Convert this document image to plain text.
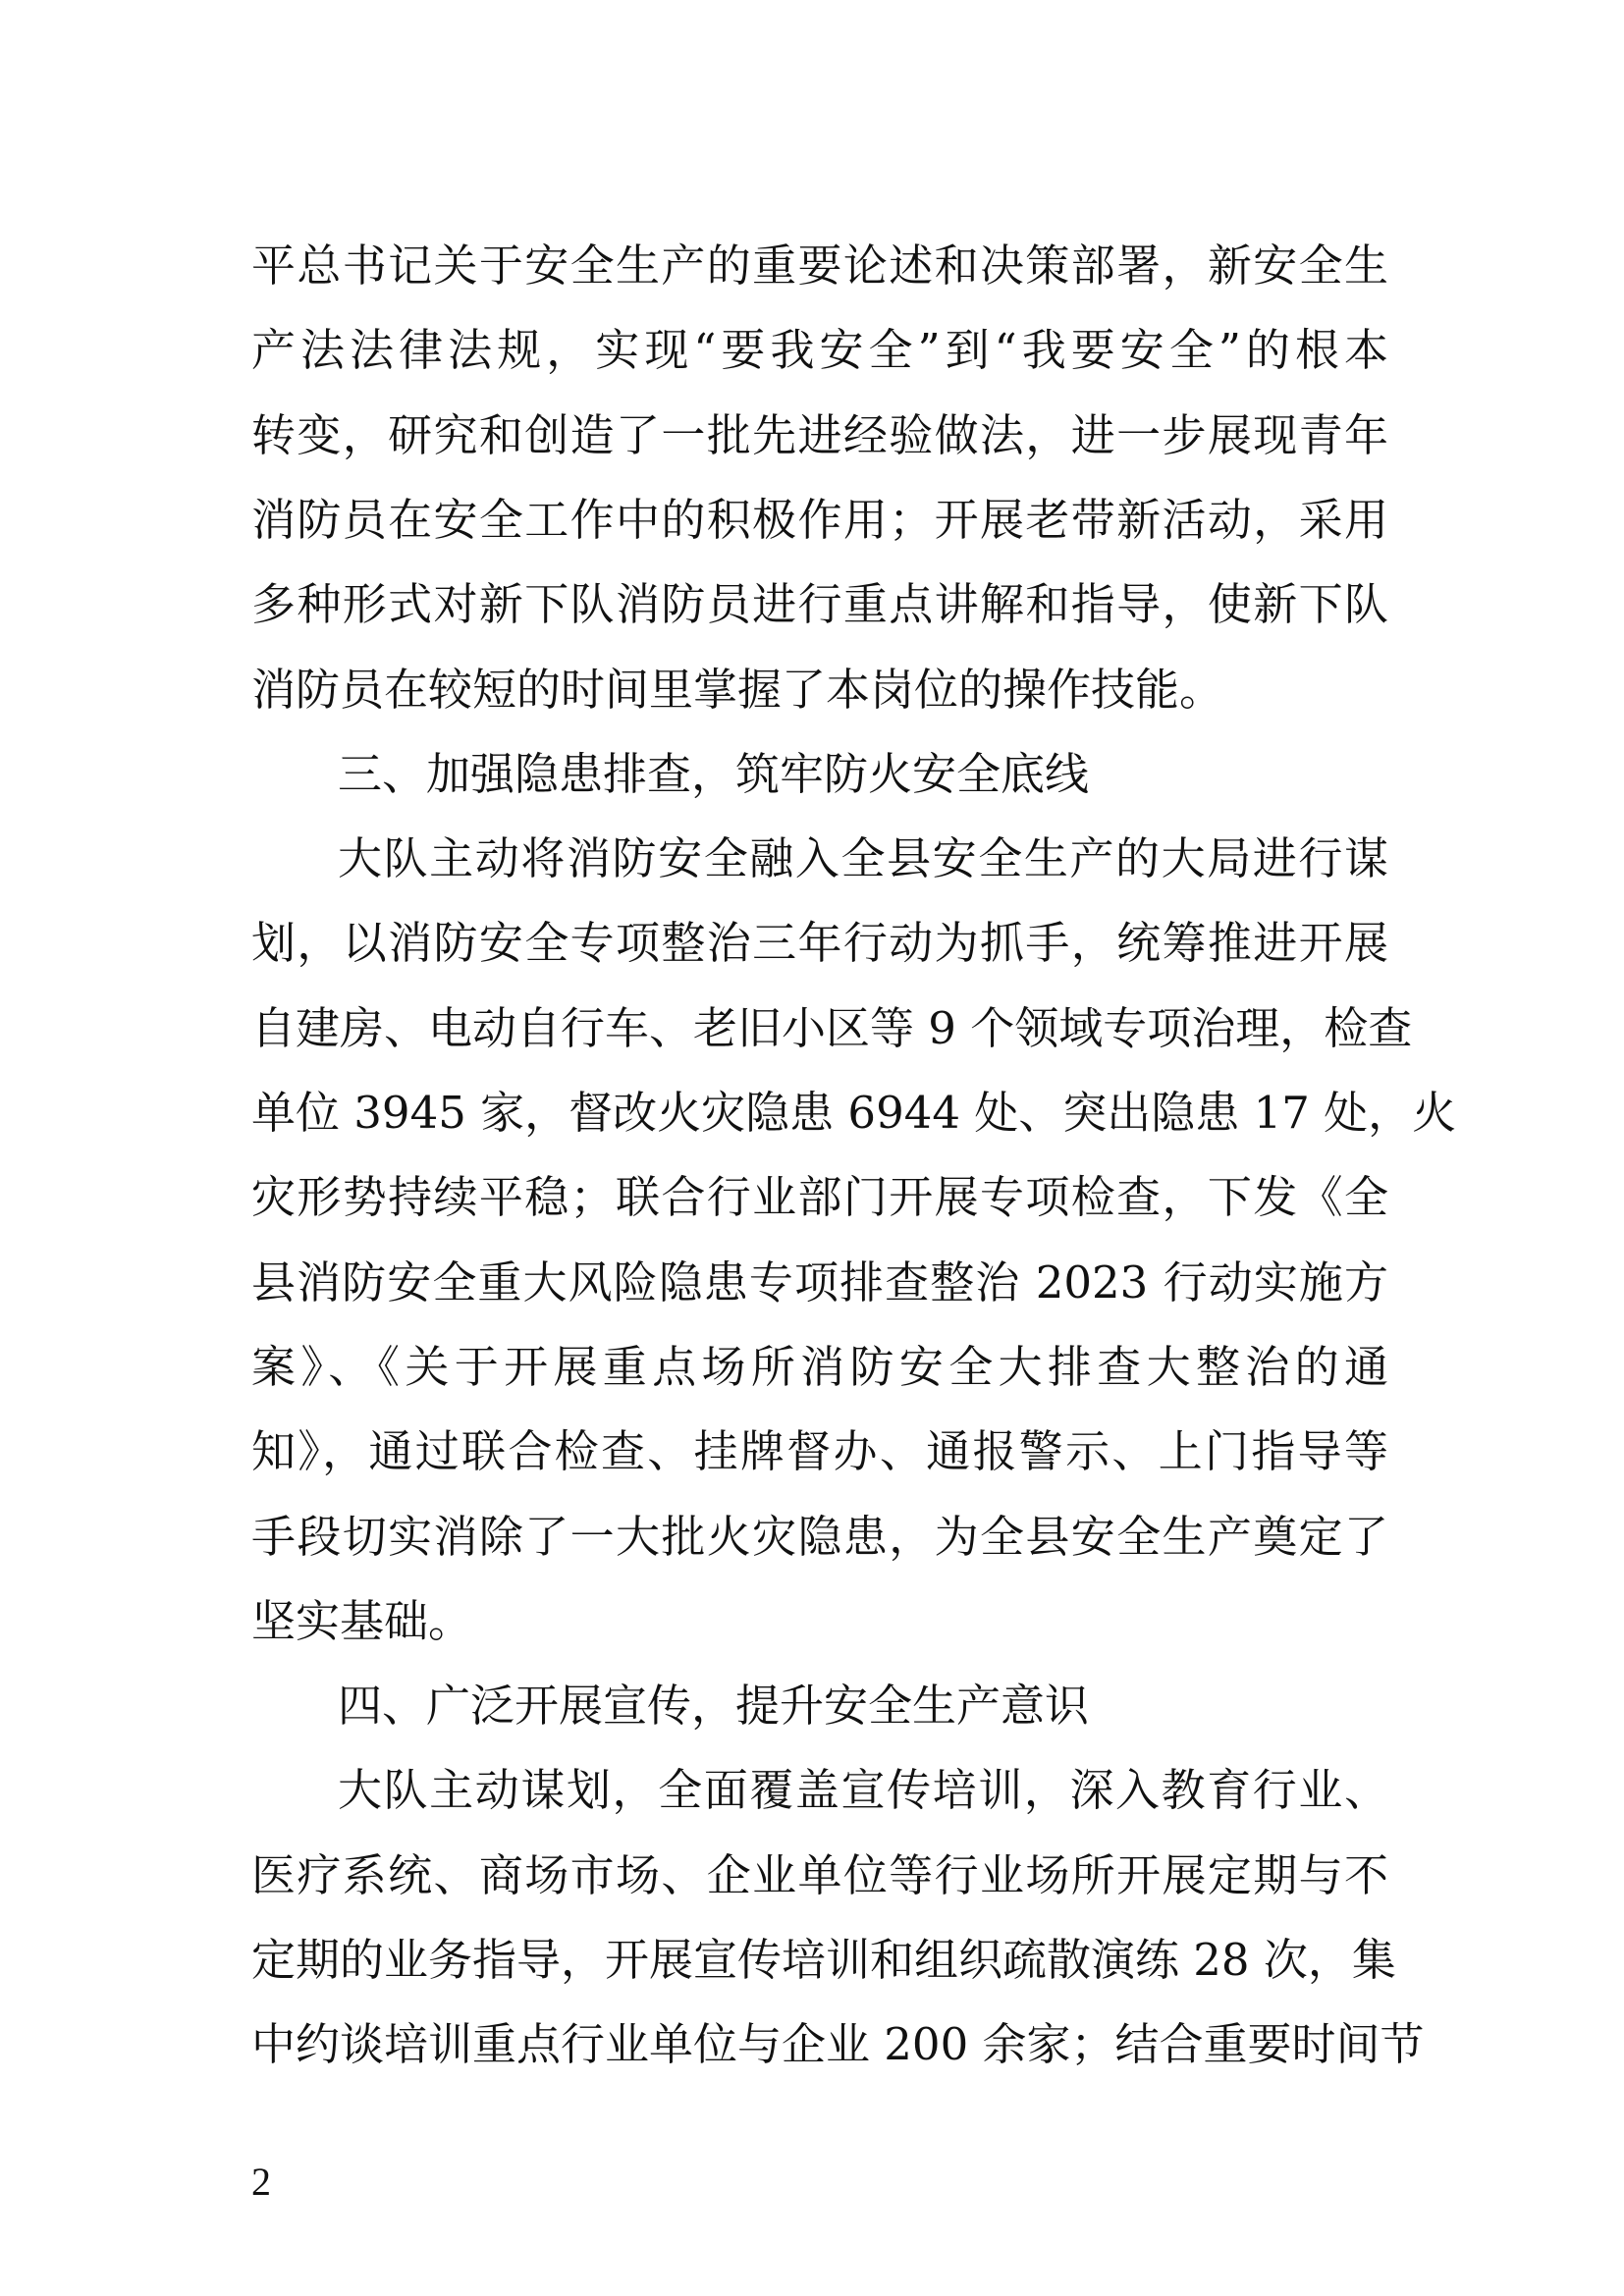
平总书记关于安全生产的重要论述和决策部署，新安全生
产法法律法规，实现“要我安全”到“我要安全”的根本
转变，研究和创造了一批先进经验做法，进一步展现青年
消防员在安全工作中的积极作用；开展老带新活动，采用
多种形式对新下队消防员进行重点讲解和指导，使新下队
消防员在较短的时间里掌握了本岗位的操作技能。
三、加强隐患排查，筑牢防火安全底线
大队主动将消防安全融入全县安全生产的大局进行谋
划，以消防安全专项整治三年行动为抓手，统筹推进开展
自建房、电动自行车、老旧小区等 9 个领域专项治理，检查
单位 3945 家，督改火灾隐患 6944 处、突出隐患 17 处，火
灾形势持续平稳；联合行业部门开展专项检查，下发《全
县消防安全重大风险隐患专项排查整治 2023 行动实施方
案》、《关于开展重点场所消防安全大排查大整治的通
知》，通过联合检查、挂牌督办、通报警示、上门指导等
手段切实消除了一大批火灾隐患，为全县安全生产奠定了
坚实基础。
四、广泛开展宣传，提升安全生产意识
大队主动谋划，全面覆盖宣传培训，深入教育行业、
医疗系统、商场市场、企业单位等行业场所开展定期与不
定期的业务指导，开展宣传培训和组织疏散演练 28 次，集
中约谈培训重点行业单位与企业 200 余家；结合重要时间节
2
